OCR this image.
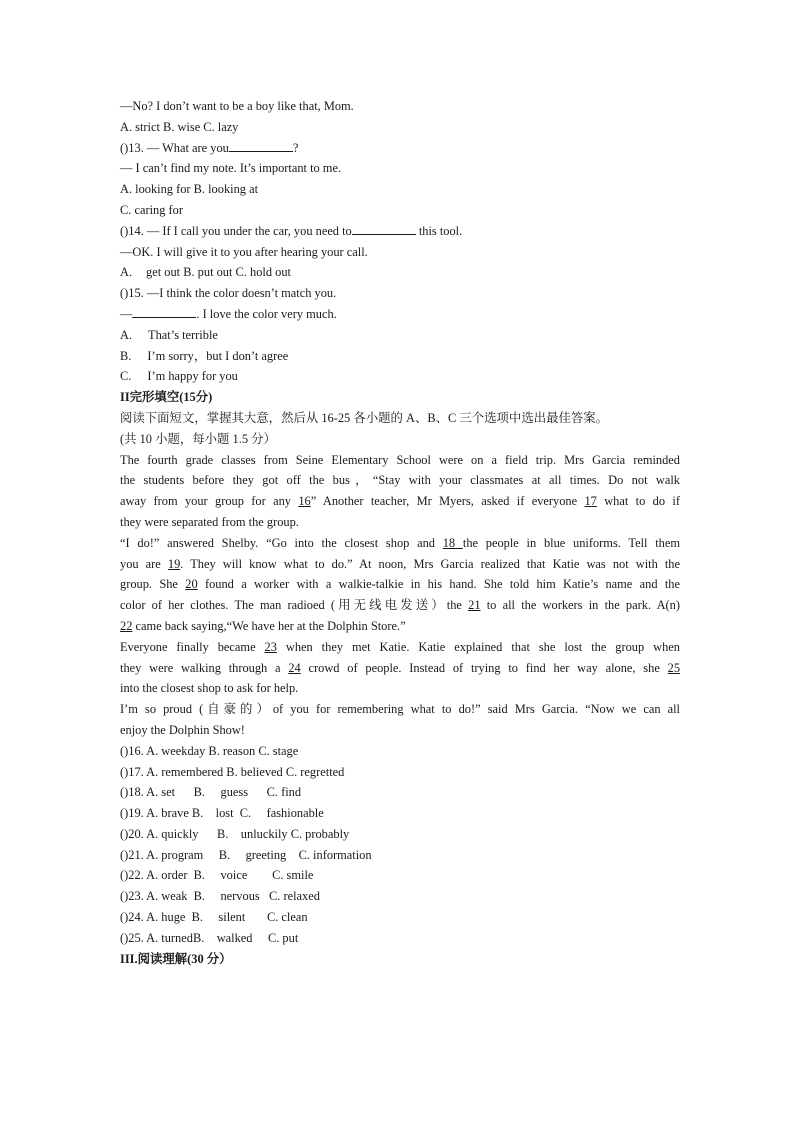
—No? I don’t want to be a boy like that, Mom.
A. strict B. wise C. lazy
()13. — What are you	?
— I can’t find my note. It’s important to me.
A. looking for B. looking at
C. caring for
()14. — If I call you under the car, you need to	this tool.
—OK. I will give it to you after hearing your call.
A. get out B. put out C. hold out
()15. —I think the color doesn’t match you.
—	. I love the color very much.
A. That’s terrible
B. I’m sorry，but I don’t agree
C. I’m happy for you
II完形填空(15分)
阅读下面短文，掌握其大意，然后从 16-25 各小题的 A、B、C 三个选项中选出最佳答案。
(共 10 小题，每小题 1.5 分）
The fourth grade classes from Seine Elementary School were on a field trip. Mrs Garcia reminded
the students before they got off the bus，“Stay with your classmates at all times. Do not walk
away from your group for any 16” Another teacher, Mr Myers, asked if everyone 17 what to do if
they were separated from the group.
“I do!” answered Shelby. “Go into the closest shop and 18 the people in blue uniforms. Tell them
you are 19. They will know what to do.” At noon, Mrs Garcia realized that Katie was not with the
group. She 20 found a worker with a walkie-talkie in his hand. She told him Katie’s name and the
color of her clothes. The man radioed (用无线电发送）the 21 to all the workers in the park. A(n)
22 came back saying,“We have her at the Dolphin Store.”
Everyone finally became 23 when they met Katie. Katie explained that she lost the group when
they were walking through a 24 crowd of people. Instead of trying to find her way alone, she 25
into the closest shop to ask for help.
I’m so proud (自豪的）of you for remembering what to do!” said Mrs Garcia. “Now we can all
enjoy the Dolphin Show!
()16. A. weekday B. reason C. stage
()17. A. remembered B. believed C. regretted
()18. A. set      B.     guess      C. find
()19. A. brave B.    lost  C.     fashionable
()20. A. quickly      B.    unluckily C. probably
()21. A. program     B.     greeting    C. information
()22. A. order  B.     voice        C. smile
()23. A. weak  B.     nervous   C. relaxed
()24. A. huge  B.     silent       C. clean
()25. A. turnedB.    walked     C. put
III.阅读理解(30 分）
